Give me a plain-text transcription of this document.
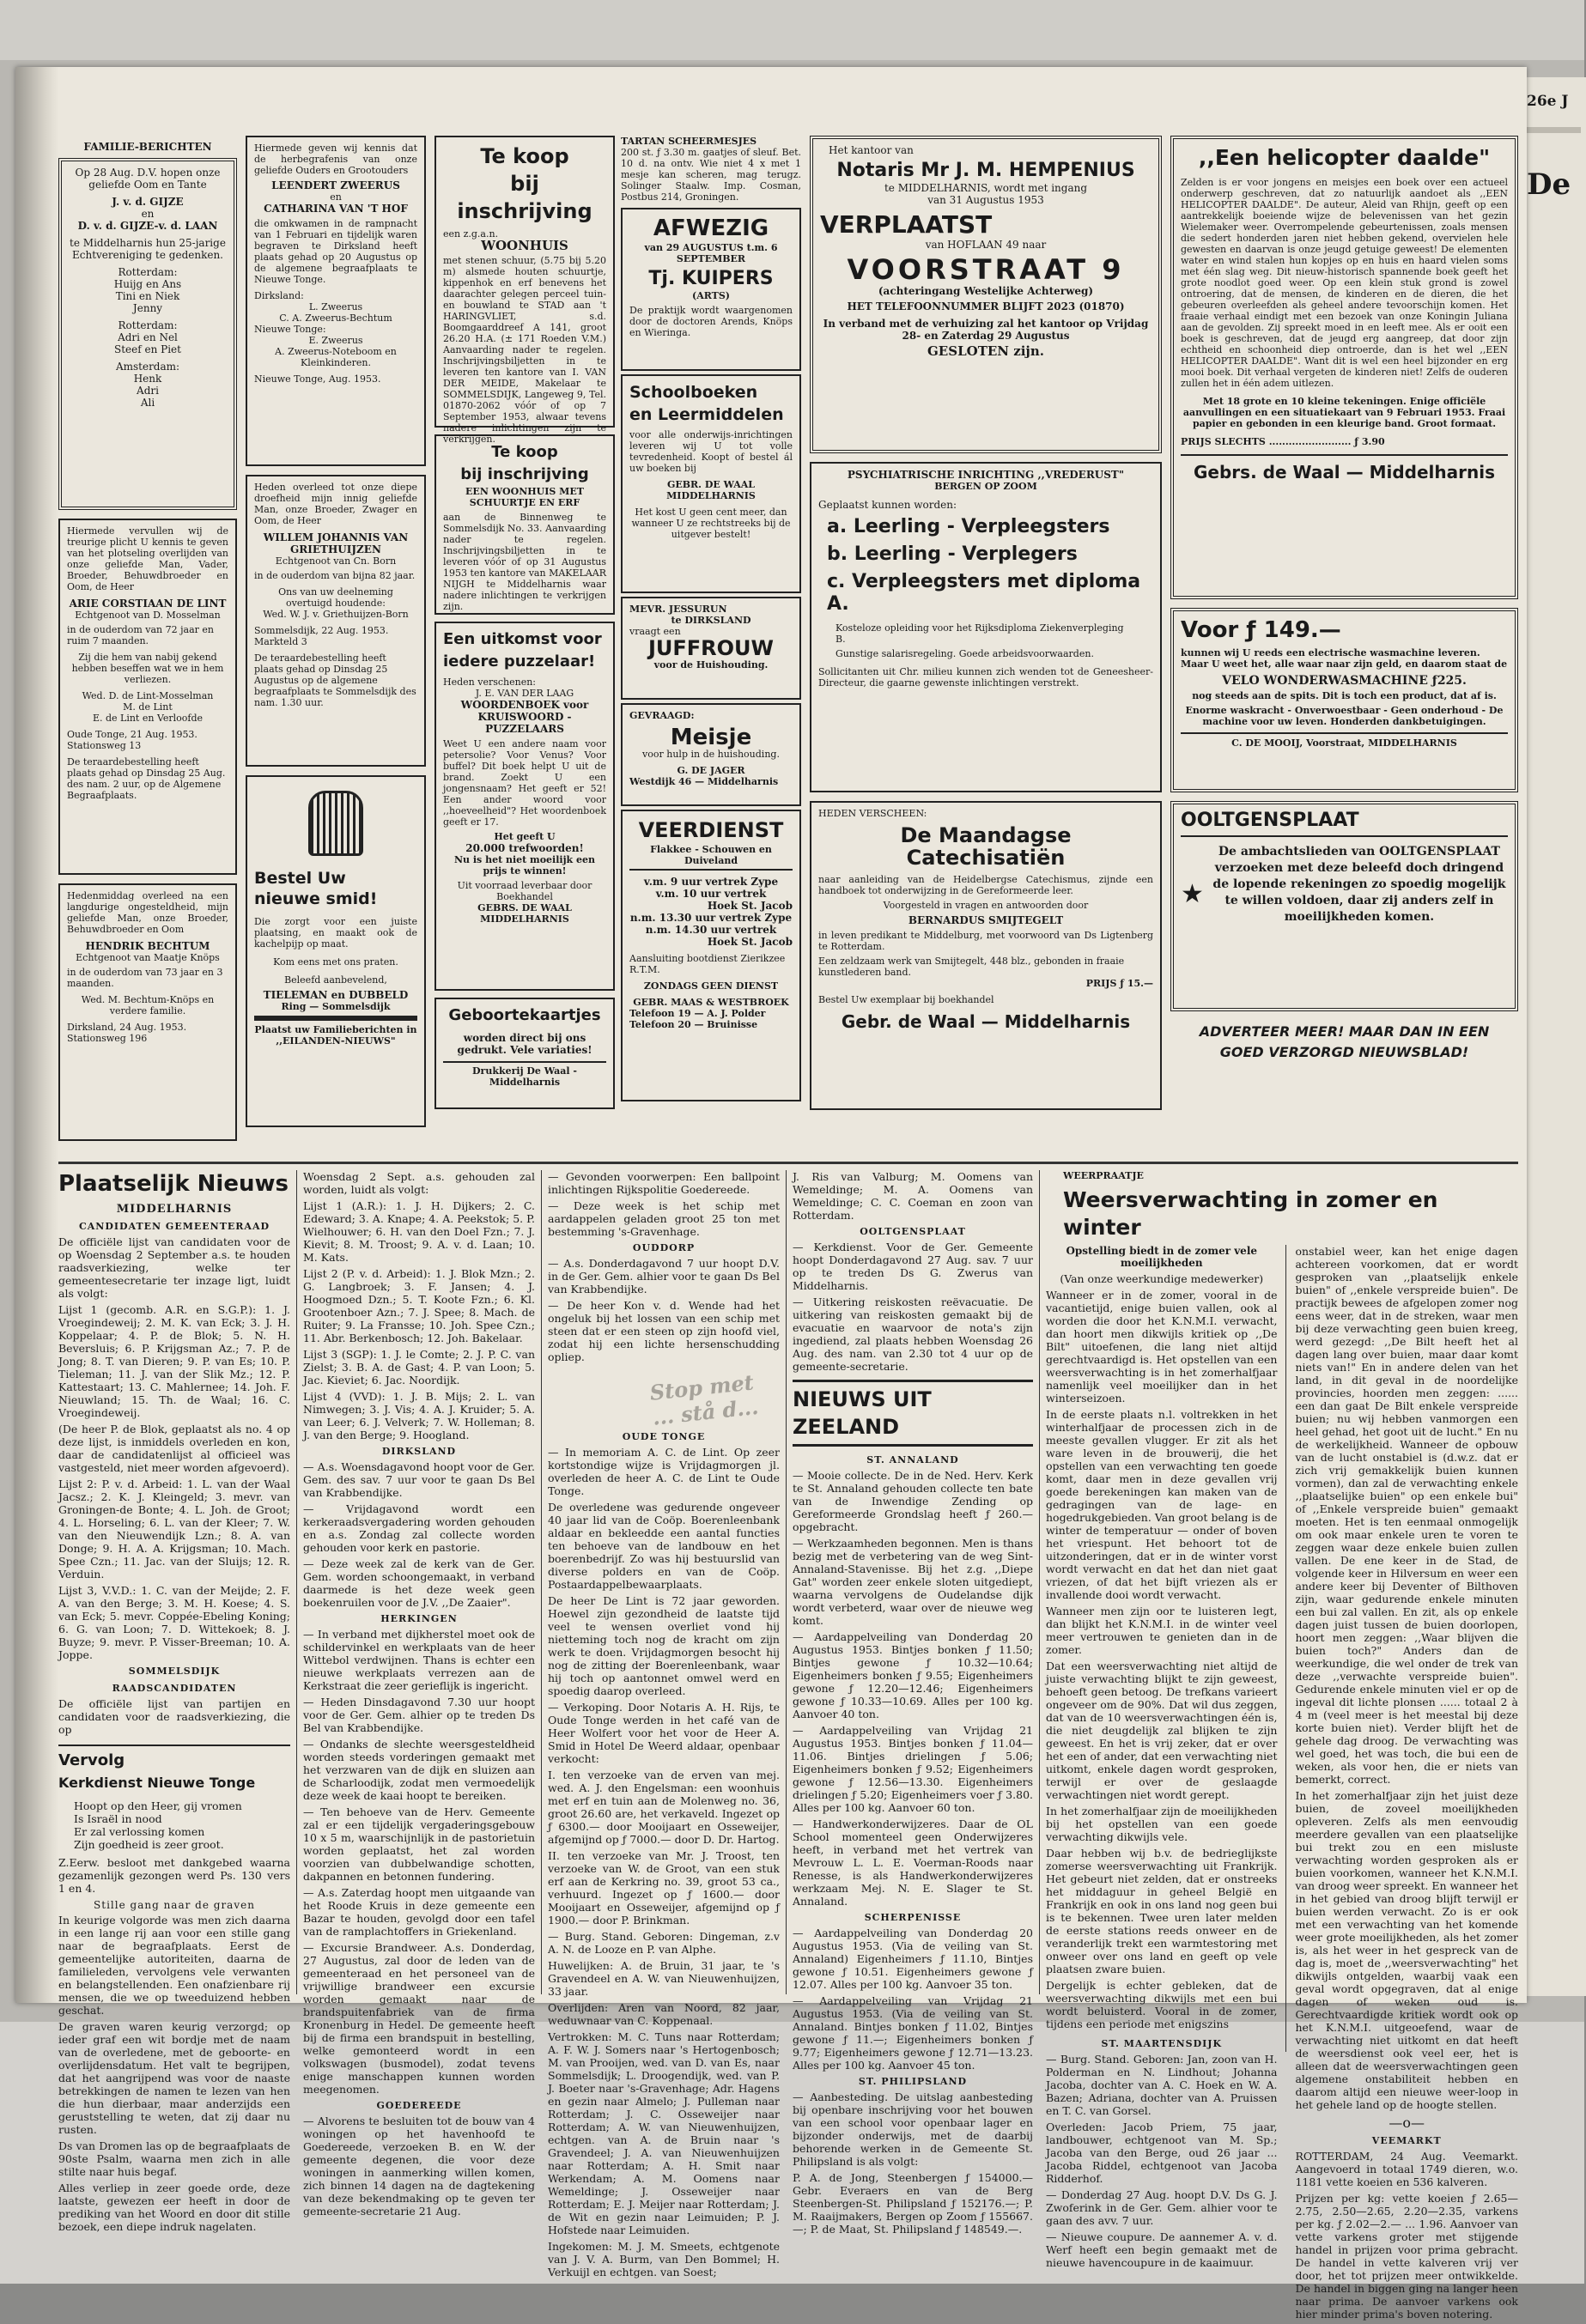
26e J
De
FAMILIE-BERICHTEN
Op 28 Aug. D.V. hopen onze geliefde Oom en Tante
J. v. d. GIJZE
en
D. v. d. GIJZE-v. d. LAAN
te Middelharnis hun 25-jarige Echtvereniging te gedenken.
Rotterdam:
Huijg en Ans
Tini en Niek
Jenny
Rotterdam:
Adri en Nel
Steef en Piet
Amsterdam:
Henk
Adri
Ali
Hiermede vervullen wij de treurige plicht U kennis te geven van het plotseling overlijden van onze geliefde Man, Vader, Broeder, Behuwdbroeder en Oom, de Heer
ARIE CORSTIAAN DE LINT
Echtgenoot van D. Mosselman
in de ouderdom van 72 jaar en ruim 7 maanden.
Zij die hem van nabij gekend hebben beseffen wat we in hem verliezen.
Wed. D. de Lint-Mosselman
M. de Lint
E. de Lint en Verloofde
Oude Tonge, 21 Aug. 1953. Stationsweg 13
De teraardebestelling heeft plaats gehad op Dinsdag 25 Aug. des nam. 2 uur, op de Algemene Begraafplaats.
Hedenmiddag overleed na een langdurige ongesteldheid, mijn geliefde Man, onze Broeder, Behuwdbroeder en Oom
HENDRIK BECHTUM
Echtgenoot van Maatje Knöps
in de ouderdom van 73 jaar en 3 maanden.
Wed. M. Bechtum-Knöps en verdere familie.
Dirksland, 24 Aug. 1953. Stationsweg 196
Hiermede geven wij kennis dat de herbegrafenis van onze geliefde Ouders en Grootouders
LEENDERT ZWEERUS
en
CATHARINA VAN 'T HOF
die omkwamen in de rampnacht van 1 Februari en tijdelijk waren begraven te Dirksland heeft plaats gehad op 20 Augustus op de algemene begraafplaats te Nieuwe Tonge.
Dirksland:
L. Zweerus
C. A. Zweerus-Bechtum
Nieuwe Tonge:
E. Zweerus
A. Zweerus-Noteboom en Kleinkinderen.
Nieuwe Tonge, Aug. 1953.
Heden overleed tot onze diepe droefheid mijn innig geliefde Man, onze Broeder, Zwager en Oom, de Heer
WILLEM JOHANNIS VAN GRIETHUIJZEN
Echtgenoot van Cn. Born
in de ouderdom van bijna 82 jaar.
Ons van uw deelneming overtuigd houdende:
Wed. W. J. v. Griethuijzen-Born
Sommelsdijk, 22 Aug. 1953. Markteld 3
De teraardebestelling heeft plaats gehad op Dinsdag 25 Augustus op de algemene begraafplaats te Sommelsdijk des nam. 1.30 uur.
Bestel Uw nieuwe smid!
Die zorgt voor een juiste plaatsing, en maakt ook de kachelpijp op maat.
Kom eens met ons praten.
Beleefd aanbevelend,
TIELEMAN en DUBBELD
Ring — Sommelsdijk
Plaatst uw Familieberichten in ,,EILANDEN-NIEUWS"
Te koop
bij inschrijving
een z.g.a.n.
WOONHUIS
met stenen schuur, (5.75 bij 5.20 m) alsmede houten schuurtje, kippenhok en erf benevens het daarachter gelegen perceel tuin- en bouwland te STAD aan 't HARINGVLIET, s.d. Boomgaarddreef A 141, groot 26.20 H.A. (± 171 Roeden V.M.) Aanvaarding nader te regelen. Inschrijvingsbiljetten in te leveren ten kantore van I. VAN DER MEIDE, Makelaar te SOMMELSDIJK, Langeweg 9, Tel. 01870-2062 vóór of op 7 September 1953, alwaar tevens nadere inlichtingen zijn te verkrijgen.
Te koop
bij inschrijving
EEN WOONHUIS MET SCHUURTJE EN ERF
aan de Binnenweg te Sommelsdijk No. 33. Aanvaarding nader te regelen. Inschrijvingsbiljetten in te leveren vóór of op 31 Augustus 1953 ten kantore van MAKELAAR NIJGH te Middelharnis waar nadere inlichtingen te verkrijgen zijn.
Een uitkomst voor
iedere puzzelaar!
Heden verschenen:
J. E. VAN DER LAAG
WOORDENBOEK voor
KRUISWOORD - PUZZELAARS
Weet U een andere naam voor petersolie? Voor Venus? Voor buffel? Dit boek helpt U uit de brand. Zoekt U een jongensnaam? Het geeft er 52! Een ander woord voor ,,hoeveelheid"? Het woordenboek geeft er 17.
Het geeft U
20.000 trefwoorden!
Nu is het niet moeilijk een prijs te winnen!
Uit voorraad leverbaar door
Boekhandel
GEBRS. DE WAAL
MIDDELHARNIS
Geboortekaartjes
worden direct bij ons gedrukt. Vele variaties!
Drukkerij De Waal - Middelharnis
TARTAN SCHEERMESJES
200 st. ƒ 3.30 m. gaatjes of sleuf. Bet. 10 d. na ontv. Wie niet 4 x met 1 mesje kan scheren, mag terugz. Solinger Staalw. Imp. Cosman, Postbus 214, Groningen.
AFWEZIG
van 29 AUGUSTUS t.m. 6 SEPTEMBER
Tj. KUIPERS
(ARTS)
De praktijk wordt waargenomen door de doctoren Arends, Knöps en Wieringa.
Schoolboeken
en Leermiddelen
voor alle onderwijs-inrichtingen leveren wij U tot volle tevredenheid. Koopt of bestel ál uw boeken bij
GEBR. DE WAAL MIDDELHARNIS
Het kost U geen cent meer, dan wanneer U ze rechtstreeks bij de uitgever bestelt!
MEVR. JESSURUN
te DIRKSLAND
vraagt een
JUFFROUW
voor de Huishouding.
GEVRAAGD:
Meisje
voor hulp in de huishouding.
G. DE JAGER
Westdijk 46 — Middelharnis
VEERDIENST
Flakkee - Schouwen en Duiveland
v.m. 9 uur vertrek Zype
v.m. 10 uur vertrek
Hoek St. Jacob
n.m. 13.30 uur vertrek Zype
n.m. 14.30 uur vertrek
Hoek St. Jacob
Aansluiting bootdienst Zierikzee R.T.M.
ZONDAGS GEEN DIENST
GEBR. MAAS & WESTBROEK
Telefoon 19 — A. J. Polder
Telefoon 20 — Bruinisse
Het kantoor van
Notaris Mr J. M. HEMPENIUS
te MIDDELHARNIS, wordt met ingang
van 31 Augustus 1953
VERPLAATST
van HOFLAAN 49 naar
VOORSTRAAT 9
(achteringang Westelijke Achterweg)
HET TELEFOONNUMMER BLIJFT 2023 (01870)
In verband met de verhuizing zal het kantoor op Vrijdag 28- en Zaterdag 29 Augustus
GESLOTEN zijn.
PSYCHIATRISCHE INRICHTING ,,VREDERUST"
BERGEN OP ZOOM
Geplaatst kunnen worden:
a. Leerling - Verpleegsters
b. Leerling - Verplegers
c. Verpleegsters met diploma A.
Kosteloze opleiding voor het Rijksdiploma Ziekenverpleging B.
Gunstige salarisregeling. Goede arbeidsvoorwaarden.
Sollicitanten uit Chr. milieu kunnen zich wenden tot de Geneesheer-Directeur, die gaarne gewenste inlichtingen verstrekt.
HEDEN VERSCHEEN:
De Maandagse Catechisatiën
naar aanleiding van de Heidelbergse Catechismus, zijnde een handboek tot onderwijzing in de Gereformeerde leer.
Voorgesteld in vragen en antwoorden door
BERNARDUS SMIJTEGELT
in leven predikant te Middelburg, met voorwoord van Ds Ligtenberg te Rotterdam.
Een zeldzaam werk van Smijtegelt, 448 blz., gebonden in fraaie kunstlederen band.
PRIJS ƒ 15.—
Bestel Uw exemplaar bij boekhandel
Gebr. de Waal — Middelharnis
,,Een helicopter daalde"
Zelden is er voor jongens en meisjes een boek over een actueel onderwerp geschreven, dat zo natuurlijk aandoet als ,,EEN HELICOPTER DAALDE". De auteur, Aleid van Rhijn, geeft op een aantrekkelijk boeiende wijze de belevenissen van het gezin Wielemaker weer. Overrompelende gebeurtenissen, zoals mensen die sedert honderden jaren niet hebben gekend, overvielen hele gewesten en daarvan is onze jeugd getuige geweest! De elementen water en wind stalen hun kopjes op en huis en haard vielen soms met één slag weg. Dit nieuw-historisch spannende boek geeft het grote noodlot goed weer. Op een klein stuk grond is zowel ontroering, dat de mensen, de kinderen en de dieren, die het gebeuren overleefden als geheel andere tevoorschijn komen. Het fraaie verhaal eindigt met een bezoek van onze Koningin Juliana aan de gevolden. Zij spreekt moed in en leeft mee. Als er ooit een boek is geschreven, dat de jeugd erg aangreep, dat door zijn echtheid en schoonheid diep ontroerde, dan is het wel ,,EEN HELICOPTER DAALDE". Want dit is wel een heel bijzonder en erg mooi boek. Dit verhaal vergeten de kinderen niet! Zelfs de ouderen zullen het in één adem uitlezen.
Met 18 grote en 10 kleine tekeningen. Enige officiële aanvullingen en een situatiekaart van 9 Februari 1953. Fraai papier en gebonden in een kleurige band. Groot formaat.
PRIJS SLECHTS ......................... ƒ 3.90
Gebrs. de Waal — Middelharnis
Voor ƒ 149.—
kunnen wij U reeds een electrische wasmachine leveren. Maar U weet het, alle waar naar zijn geld, en daarom staat de
VELO WONDERWASMACHINE ƒ225.
nog steeds aan de spits. Dit is toch een product, dat af is.
Enorme waskracht - Onverwoestbaar - Geen onderhoud - De machine voor uw leven. Honderden dankbetuigingen.
C. DE MOOIJ, Voorstraat, MIDDELHARNIS
OOLTGENSPLAAT
★
De ambachtslieden van OOLTGENSPLAAT verzoeken met deze beleefd doch dringend de lopende rekeningen zo spoedig mogelijk te willen voldoen, daar zij anders zelf in moeilijkheden komen.
ADVERTEER MEER! MAAR DAN IN EEN GOED VERZORGD NIEUWSBLAD!
Plaatselijk Nieuws
MIDDELHARNIS
CANDIDATEN GEMEENTERAAD

De officiële lijst van candidaten voor de op Woensdag 2 September a.s. te houden raadsverkiezing, welke ter gemeentesecretarie ter inzage ligt, luidt als volgt:

Lijst 1 (gecomb. A.R. en S.G.P.): 1. J. Vroegindeweij; 2. M. K. van Eck; 3. J. H. Koppelaar; 4. P. de Blok; 5. N. H. Beversluis; 6. P. Krijgsman Az.; 7. P. de Jong; 8. T. van Dieren; 9. P. van Es; 10. P. Tieleman; 11. J. van der Slik Mz.; 12. P. Kattestaart; 13. C. Mahlernee; 14. Joh. F. Nieuwland; 15. Th. de Waal; 16. C. Vroegindeweij.

(De heer P. de Blok, geplaatst als no. 4 op deze lijst, is inmiddels overleden en kon, daar de candidatenlijst al officieel was vastgesteld, niet meer worden afgevoerd).

Lijst 2: P. v. d. Arbeid: 1. L. van der Waal Jacsz.; 2. K. J. Kleingeld; 3. mevr. van Groningen-de Bonte; 4. L. Joh. de Groot; 4. L. Horseling; 6. L. van der Kleer; 7. W. van den Nieuwendijk Lzn.; 8. A. van Donge; 9. H. A. A. Krijgsman; 10. Mach. Spee Czn.; 11. Jac. van der Sluijs; 12. R. Verduin.

Lijst 3, V.V.D.: 1. C. van der Meijde; 2. F. A. van den Berge; 3. M. H. Koese; 4. S. van Eck; 5. mevr. Coppée-Ebeling Koning; 6. G. van Loon; 7. D. Wittekoek; 8. J. Buyze; 9. mevr. P. Visser-Breeman; 10. A. Joppe.

SOMMELSDIJK
RAADSCANDIDATEN

De officiële lijst van partijen en candidaten voor de raadsverkiezing, die op

Vervolg
Kerkdienst Nieuwe Tonge
Hoopt op den Heer, gij vromen
Is Israël in nood
Er zal verlossing komen
Zijn goedheid is zeer groot.

Z.Eerw. besloot met dankgebed waarna gezamenlijk gezongen werd Ps. 130 vers 1 en 4.

Stille gang naar de graven

In keurige volgorde was men zich daarna in een lange rij aan voor een stille gang naar de begraafplaats. Eerst de gemeentelijke autoriteiten, daarna de familieleden, vervolgens vele verwanten en belangstellenden. Een onafzienbare rij mensen, die we op tweeduizend hebben geschat.

De graven waren keurig verzorgd; op ieder graf een wit bordje met de naam van de overledene, met de geboorte- en overlijdensdatum. Het valt te begrijpen, dat het aangrijpend was voor de naaste betrekkingen de namen te lezen van hen die hun dierbaar, maar anderzijds een geruststelling te weten, dat zij daar nu rusten.

Ds van Dromen las op de begraafplaats de 90ste Psalm, waarna men zich in alle stilte naar huis begaf.

Alles verliep in zeer goede orde, deze laatste, gewezen eer heeft in door de prediking van het Woord en door dit stille bezoek, een diepe indruk nagelaten.

Woensdag 2 Sept. a.s. gehouden zal worden, luidt als volgt:

Lijst 1 (A.R.): 1. J. H. Dijkers; 2. C. Edeward; 3. A. Knape; 4. A. Peekstok; 5. P. Wielhouwer; 6. H. van den Doel Fzn.; 7. J. Kievit; 8. M. Troost; 9. A. v. d. Laan; 10. M. Kats.

Lijst 2 (P. v. d. Arbeid): 1. J. Blok Mzn.; 2. G. Langbroek; 3. F. Jansen; 4. J. Hoogmoed Dzn.; 5. T. Koote Fzn.; 6. Kl. Grootenboer Azn.; 7. J. Spee; 8. Mach. de Ruiter; 9. La Fransse; 10. Joh. Spee Czn.; 11. Abr. Berkenbosch; 12. Joh. Bakelaar.

Lijst 3 (SGP): 1. J. le Comte; 2. J. P. C. van Zielst; 3. B. A. de Gast; 4. P. van Loon; 5. Jac. Kieviet; 6. Jac. Noordijk.

Lijst 4 (VVD): 1. J. B. Mijs; 2. L. van Nimwegen; 3. J. Vis; 4. A. J. Kruider; 5. A. van Leer; 6. J. Velverk; 7. W. Holleman; 8. J. van den Berge; 9. Hoogland.

DIRKSLAND

— A.s. Woensdagavond hoopt voor de Ger. Gem. des sav. 7 uur voor te gaan Ds Bel van Krabbendijke.

— Vrijdagavond wordt een kerkeraadsvergadering worden gehouden en a.s. Zondag zal collecte worden gehouden voor kerk en pastorie.

— Deze week zal de kerk van de Ger. Gem. worden schoongemaakt, in verband daarmede is het deze week geen boekenruilen voor de J.V. ,,De Zaaier".

HERKINGEN

— In verband met dijkherstel moet ook de schildervinkel en werkplaats van de heer Wittebol verdwijnen. Thans is echter een nieuwe werkplaats verrezen aan de Kerkstraat die zeer gerieflijk is ingericht.

— Heden Dinsdagavond 7.30 uur hoopt voor de Ger. Gem. alhier op te treden Ds Bel van Krabbendijke.

— Ondanks de slechte weersgesteldheid worden steeds vorderingen gemaakt met het verzwaren van de dijk en sluizen aan de Scharloodijk, zodat men vermoedelijk deze week de kaai hoopt te bereiken.

— Ten behoeve van de Herv. Gemeente zal er een tijdelijk vergaderingsgebouw 10 x 5 m, waarschijnlijk in de pastorietuin worden geplaatst, het zal worden voorzien van dubbelwandige schotten, dakpannen en betonnen fundering.

— A.s. Zaterdag hoopt men uitgaande van het Roode Kruis in deze gemeente een Bazar te houden, gevolgd door een tafel van de ramplachtoffers in Griekenland.

— Excursie Brandweer. A.s. Donderdag, 27 Augustus, zal door de leden van de gemeenteraad en het personeel van de vrijwillige brandweer een excursie worden gemaakt naar de brandspuitenfabriek van de firma Kronenburg in Hedel. De gemeente heeft bij de firma een brandspuit in bestelling, welke gemonteerd wordt in een volkswagen (busmodel), zodat tevens enige manschappen kunnen worden meegenomen.

GOEDEREEDE

— Alvorens te besluiten tot de bouw van 4 woningen op het havenhoofd te Goedereede, verzoeken B. en W. der gemeente degenen, die voor deze woningen in aanmerking willen komen, zich binnen 14 dagen na de dagtekening van deze bekendmaking op te geven ter gemeente-secretarie 21 Aug.

— Gevonden voorwerpen: Een ballpoint inlichtingen Rijkspolitie Goedereede.

— Deze week is het schip met aardappelen geladen groot 25 ton met bestemming 's-Gravenhage.

OUDDORP

— A.s. Donderdagavond 7 uur hoopt D.V. in de Ger. Gem. alhier voor te gaan Ds Bel van Krabbendijke.

— De heer Kon v. d. Wende had het ongeluk bij het lossen van een schip met steen dat er een steen op zijn hoofd viel, zodat hij een lichte hersenschudding opliep.

Stop met ... stå d...
OUDE TONGE

— In memoriam A. C. de Lint. Op zeer kortstondige wijze is Vrijdagmorgen jl. overleden de heer A. C. de Lint te Oude Tonge.

De overledene was gedurende ongeveer 40 jaar lid van de Coöp. Boerenleenbank aldaar en bekleedde een aantal functies ten behoeve van de landbouw en het boerenbedrijf. Zo was hij bestuurslid van diverse polders en van de Coöp. Postaardappelbewaarplaats.

De heer De Lint is 72 jaar geworden. Hoewel zijn gezondheid de laatste tijd veel te wensen overliet vond hij nietteming toch nog de kracht om zijn werk te doen. Vrijdagmorgen besocht hij nog de zitting der Boerenleenbank, waar hij toch op aantonnet omwel werd en spoedig daarop overleed.

— Verkoping. Door Notaris A. H. Rijs, te Oude Tonge werden in het café van de Heer Wolfert voor het voor de Heer A. Smid in Hotel De Weerd aldaar, openbaar verkocht:

I. ten verzoeke van de erven van mej. wed. A. J. den Engelsman: een woonhuis met erf en tuin aan de Molenweg no. 36, groot 26.60 are, het verkaveld. Ingezet op ƒ 6300.— door Mooijaart en Osseweijer, afgemijnd op ƒ 7000.— door D. Dr. Hartog.

II. ten verzoeke van Mr. J. Troost, ten verzoeke van W. de Groot, van een stuk erf aan de Kerkring no. 39, groot 53 ca., verhuurd. Ingezet op ƒ 1600.— door Mooijaart en Osseweijer, afgemijnd op ƒ 1900.— door P. Brinkman.

— Burg. Stand. Geboren: Dingeman, z.v A. N. de Looze en P. van Alphe.

Huwelijken: A. de Bruin, 31 jaar, te 's Gravendeel en A. W. van Nieuwenhuijzen, 33 jaar.

Overlijden: Aren van Noord, 82 jaar, weduwnaar van C. Koppenaal.

Vertrokken: M. C. Tuns naar Rotterdam; A. F. W. J. Somers naar 's Hertogenbosch; M. van Prooijen, wed. van D. van Es, naar Sommelsdijk; L. Droogendijk, wed. van P. J. Boeter naar 's-Gravenhage; Adr. Hagens en gezin naar Almelo; J. Pulleman naar Rotterdam; J. C. Osseweijer naar Rotterdam; A. W. van Nieuwenhuijzen, echtgen. van A. de Bruin naar 's Gravendeel; J. A. van Nieuwenhuijzen naar Rotterdam; A. H. Smit naar Werkendam; A. M. Oomens naar Wemeldinge; J. Osseweijer naar Rotterdam; E. J. Meijer naar Rotterdam; J. de Wit en gezin naar Leimuiden; P. J. Hofstede naar Leimuiden.

Ingekomen: M. J. M. Smeets, echtgenote van J. V. A. Burm, van Den Bommel; H. Verkuijl en echtgen. van Soest;

J. Ris van Valburg; M. Oomens van Wemeldinge; M. A. Oomens van Wemeldinge; C. C. Coeman en zoon van Rotterdam.

OOLTGENSPLAAT

— Kerkdienst. Voor de Ger. Gemeente hoopt Donderdagavond 27 Aug. sav. 7 uur op te treden Ds G. Zwerus van Middelharnis.

— Uitkering reiskosten reëvacuatie. De uitkering van reiskosten gemaakt bij de evacuatie en waarvoor de nota's zijn ingediend, zal plaats hebben Woensdag 26 Aug. des nam. van 2.30 tot 4 uur op de gemeente-secretarie.

NIEUWS UIT ZEELAND
ST. ANNALAND

— Mooie collecte. De in de Ned. Herv. Kerk te St. Annaland gehouden collecte ten bate van de Inwendige Zending op Gereformeerde Grondslag heeft ƒ 260.— opgebracht.

— Werkzaamheden begonnen. Men is thans bezig met de verbetering van de weg Sint-Annaland-Stavenisse. Bij het z.g. ,,Diepe Gat" worden zeer enkele sloten uitgediept, waarna vervolgens de Oudelandse dijk wordt verbeterd, waar over de nieuwe weg komt.

— Aardappelveiling van Donderdag 20 Augustus 1953. Bintjes bonken ƒ 11.50; Bintjes gewone ƒ 10.32—10.64; Eigenheimers bonken ƒ 9.55; Eigenheimers gewone ƒ 12.20—12.46; Eigenheimers gewone ƒ 10.33—10.69. Alles per 100 kg. Aanvoer 40 ton.

— Aardappelveiling van Vrijdag 21 Augustus 1953. Bintjes bonken ƒ 11.04—11.06. Bintjes drielingen ƒ 5.06; Eigenheimers bonken ƒ 9.52; Eigenheimers gewone ƒ 12.56—13.30. Eigenheimers drielingen ƒ 5.20; Eigenheimers voer ƒ 3.80. Alles per 100 kg. Aanvoer 60 ton.

— Handwerkonderwijzeres. Daar de OL School momenteel geen Onderwijzeres heeft, in verband met het vertrek van Mevrouw L. L. E. Voerman-Roods naar Renesse, is als Handwerkonderwijzeres werkzaam Mej. N. E. Slager te St. Annaland.

SCHERPENISSE

— Aardappelveiling van Donderdag 20 Augustus 1953. (Via de veiling van St. Annaland) Eigenheimers ƒ 11.10, Bintjes gewone ƒ 10.51. Eigenheimers gewone ƒ 12.07. Alles per 100 kg. Aanvoer 35 ton.

— Aardappelveiling van Vrijdag 21 Augustus 1953. (Via de veiling van St. Annaland. Bintjes bonken ƒ 11.02, Bintjes gewone ƒ 11.—; Eigenheimers bonken ƒ 9.77; Eigenheimers gewone ƒ 12.71—13.23. Alles per 100 kg. Aanvoer 45 ton.

ST. PHILIPSLAND

— Aanbesteding. De uitslag aanbesteding bij openbare inschrijving voor het bouwen van een school voor openbaar lager en bijzonder onderwijs, met de daarbij behorende werken in de Gemeente St. Philipsland is als volgt:

P. A. de Jong, Steenbergen ƒ 154000.— Gebr. Everaers en van de Berg Steenbergen-St. Philipsland ƒ 152176.—; P. M. Raaijmakers, Bergen op Zoom ƒ 155667.—; P. de Maat, St. Philipsland ƒ 148549.—.

WEERPRAATJE
Weersverwachting in zomer en winter
Opstelling biedt in de zomer vele moeilijkheden

(Van onze weerkundige medewerker)

Wanneer er in de zomer, vooral in de vacantietijd, enige buien vallen, ook al worden die door het K.N.M.I. verwacht, dan hoort men dikwijls kritiek op ,,De Bilt" uitoefenen, die lang niet altijd gerechtvaardigd is. Het opstellen van een weersverwachting is in het zomerhalfjaar namenlijk veel moeilijker dan in het winterseizoen.

In de eerste plaats n.l. voltrekken in het winterhalfjaar de processen zich in de meeste gevallen vlugger. Er zit als het ware leven in de brouwerij, die het opstellen van een verwachting ten goede komt, daar men in deze gevallen vrij goede berekeningen kan maken van de gedragingen van de lage- en hogedrukgebieden. Van groot belang is de winter de temperatuur — onder of boven het vriespunt. Het behoort tot de uitzonderingen, dat er in de winter vorst wordt verwacht en dat het dan niet gaat vriezen, of dat het bijft vriezen als er invallende dooi wordt verwacht.

Wanneer men zijn oor te luisteren legt, dan blijkt het K.N.M.I. in de winter veel meer vertrouwen te genieten dan in de zomer.

Dat een weersverwachting niet altijd de juiste verwachting blijkt te zijn geweest, behoeft geen betoog. De trefkans varieert ongeveer om de 90%. Dat wil dus zeggen, dat van de 10 weersverwachtingen één is, die niet deugdelijk zal blijken te zijn geweest. En het is vrij zeker, dat er over het een of ander, dat een verwachting niet uitkomt, enkele dagen wordt gesproken, terwijl er over de geslaagde verwachtingen niet wordt gerept.

In het zomerhalfjaar zijn de moeilijkheden bij het opstellen van een goede verwachting dikwijls vele.

Daar hebben wij b.v. de bedrieglijkste zomerse weersverwachting uit Frankrijk. Het gebeurt niet zelden, dat er onstreeks het middaguur in geheel België en Frankrijk en ook in ons land nog geen bui is te bekennen. Twee uren later melden de eerste stations reeds onweer en de veranderlijk trekt een warmtestoring met onweer over ons land en geeft op vele plaatsen zware buien.

Dergelijk is echter gebleken, dat de weersverwachting dikwijls met een bui wordt beluisterd. Vooral in de zomer, tijdens een periode met enigszins

ST. MAARTENSDIJK

— Burg. Stand. Geboren: Jan, zoon van H. Polderman en N. Lindhout; Johanna Jacoba, dochter van A. C. Hoek en W. A. Bazen; Adriana, dochter van A. Pruissen en T. C. van Gorsel.

Overleden: Jacob Priem, 75 jaar, landbouwer, echtgenoot van M. Sp.; Jacoba van den Berge, oud 26 jaar ... Jacoba Riddel, echtgenoot van Jacoba Ridderhof.

— Donderdag 27 Aug. hoopt D.V. Ds G. J. Zwoferink in de Ger. Gem. alhier voor te gaan des avv. 7 uur.

— Nieuwe coupure. De aannemer A. v. d. Werf heeft een begin gemaakt met de nieuwe havencoupure in de kaaimuur.

onstabiel weer, kan het enige dagen achtereen voorkomen, dat er wordt gesproken van ,,plaatselijk enkele buien" of ,,enkele verspreide buien". De practijk bewees de afgelopen zomer nog eens weer, dat in de streken, waar men bij deze verwachting geen buien kreeg, werd gezegd: ,,De Bilt heeft het al dagen lang over buien, maar daar komt niets van!" En in andere delen van het land, in dit geval in de noordelijke provincies, hoorden men zeggen: ...... een dan gaat De Bilt enkele verspreide buien; nu wij hebben vanmorgen een heel gehad, het goot uit de lucht." En nu de werkelijkheid. Wanneer de opbouw van de lucht onstabiel is (d.w.z. dat er zich vrij gemakkelijk buien kunnen vormen), dan zal de verwachting enkele ,,plaatselijke buien" op een enkele bui" of ,,Enkele verspreide buien" gemaakt moeten. Het is ten eenmaal onmogelijk om ook maar enkele uren te voren te zeggen waar deze enkele buien zullen vallen. De ene keer in de Stad, de volgende keer in Hilversum en weer een andere keer bij Deventer of Bilthoven zijn, waar gedurende enkele minuten een bui zal vallen. En zit, als op enkele dagen juist tussen de buien doorlopen, hoort men zeggen: ,,Waar blijven die buien toch?" Anders dan de weerkundige, die wel onder de trek van deze ,,verwachte verspreide buien". Gedurende enkele minuten viel er op de ingeval dit lichte plonsen ...... totaal 2 à 4 m (veel meer is het meestal bij deze korte buien niet). Verder blijft het de gehele dag droog. De verwachting was wel goed, het was toch, die bui een de weken, als voor hen, die er niets van bemerkt, correct.

In het zomerhalfjaar zijn het juist deze buien, de zoveel moeilijkheden opleveren. Zelfs als men eenvoudig meerdere gevallen van een plaatselijke bui trekt zou en een misluste verwachting worden gesproken als er buien voorkomen, wanneer het K.N.M.I. van droog weer spreekt. En wanneer het in het gebied van droog blijft terwijl er buien werden verwacht. Zo is er ook met een verwachting van het komende weer grote moeilijkheden, als het zomer is, als het weer in het gespreck van de dag is, moet de ,,weersverwachting" het dikwijls ontgelden, waarbij vaak een geval wordt opgegraven, dat al enige dagen of weken oud is. Gerechtvaardigde kritiek wordt ook op het K.N.M.I. uitgeoefend, waar de verwachting niet uitkomt en dat heeft de weersdienst ook veel eer, het is alleen dat de weersverwachtingen geen algemene onstabiliteit hebben en daarom altijd een nieuwe weer-loop in het gehele land op de hoogte stellen.

—o—
VEEMARKT

ROTTERDAM, 24 Aug. Veemarkt. Aangevoerd in totaal 1749 dieren, w.o. 1181 vette koeien en 536 kalveren.

Prijzen per kg: vette koeien ƒ 2.65—2.75, 2.50—2.65, 2.20—2.35, varkens per kg. ƒ 2.02—2.— ... 1.96. Aanvoer van vette varkens groter met stijgende handel in prijzen voor prima gebracht. De handel in vette kalveren vrij ver door, het tot prijzen meer ontwikkelde. De handel in biggen ging na langer heen naar prima. De aanvoer varkens ook hier minder prima's boven notering.
